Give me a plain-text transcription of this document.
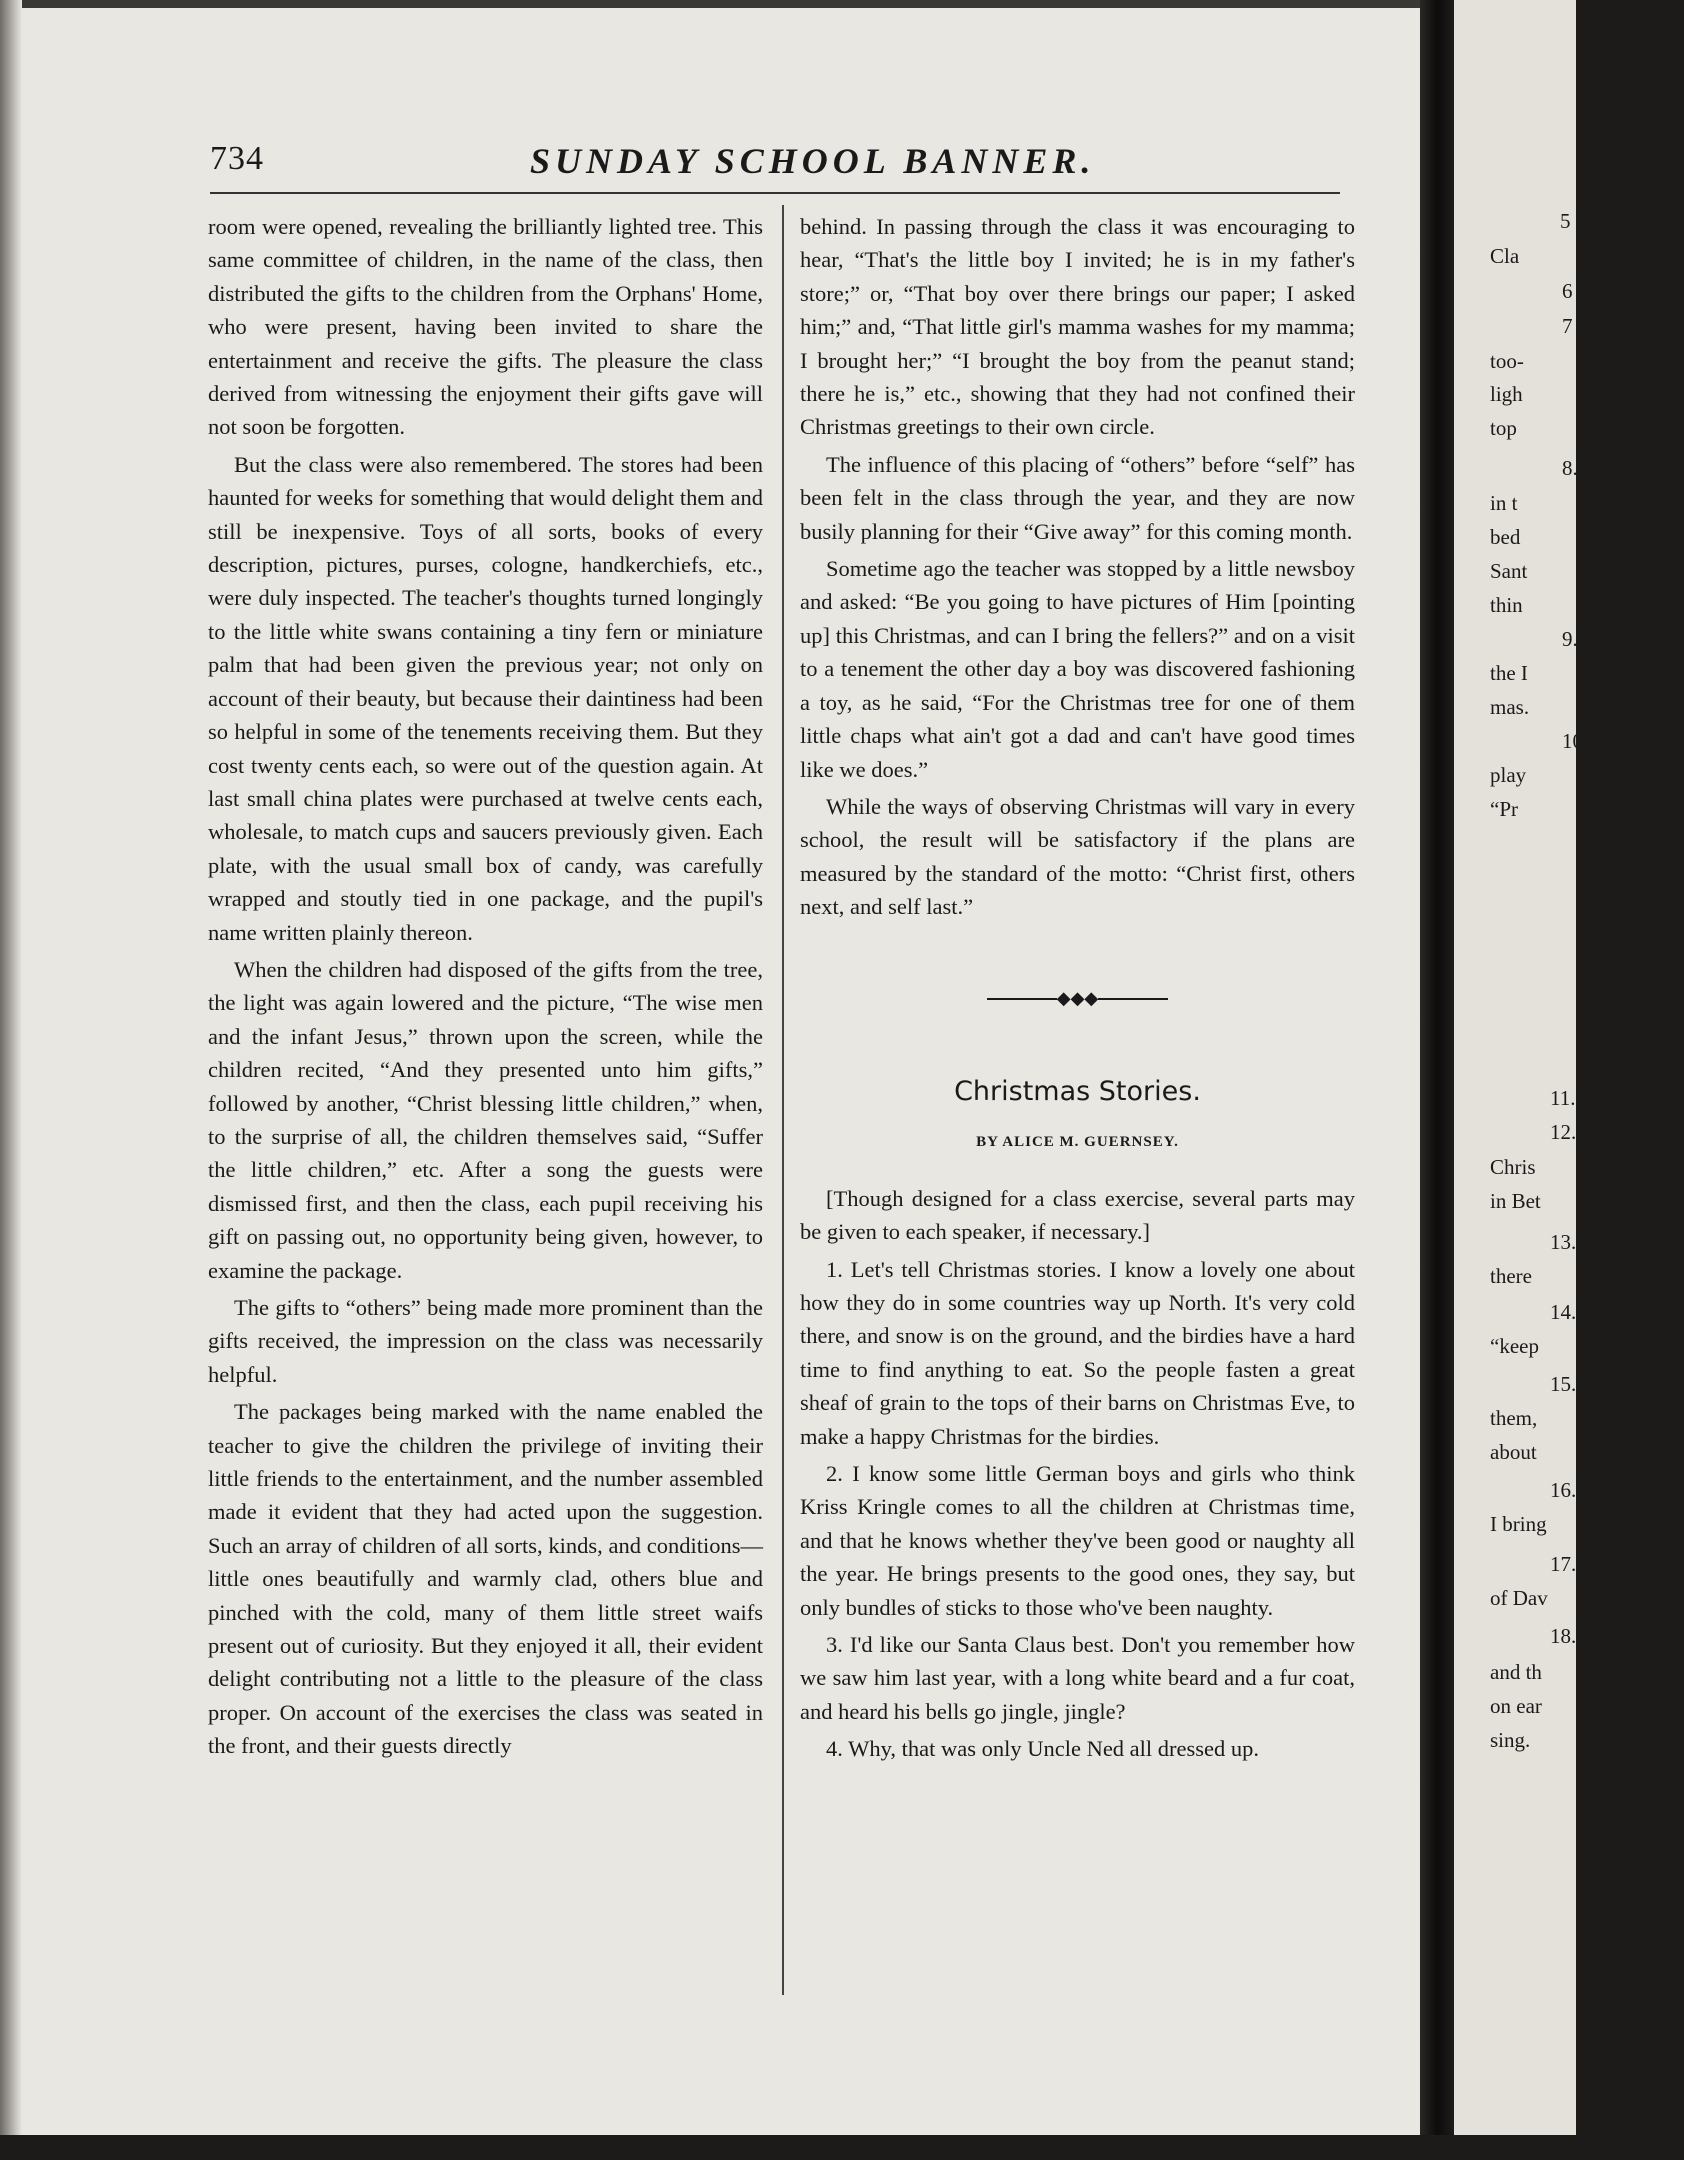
734	SUNDAY SCHOOL BANNER.

room were opened, revealing the brilliantly lighted tree. This same committee of children, in the name of the class, then distributed the gifts to the children from the Orphans' Home, who were present, having been invited to share the entertainment and receive the gifts. The pleasure the class derived from witnessing the enjoyment their gifts gave will not soon be forgotten.

But the class were also remembered. The stores had been haunted for weeks for something that would delight them and still be inexpensive. Toys of all sorts, books of every description, pictures, purses, cologne, handkerchiefs, etc., were duly inspected. The teacher's thoughts turned longingly to the little white swans containing a tiny fern or miniature palm that had been given the previous year; not only on account of their beauty, but because their daintiness had been so helpful in some of the tenements receiving them. But they cost twenty cents each, so were out of the question again. At last small china plates were purchased at twelve cents each, wholesale, to match cups and saucers previously given. Each plate, with the usual small box of candy, was carefully wrapped and stoutly tied in one package, and the pupil's name written plainly thereon.

When the children had disposed of the gifts from the tree, the light was again lowered and the picture, “The wise men and the infant Jesus,” thrown upon the screen, while the children recited, “And they presented unto him gifts,” followed by another, “Christ blessing little children,” when, to the surprise of all, the children themselves said, “Suffer the little children,” etc. After a song the guests were dismissed first, and then the class, each pupil receiving his gift on passing out, no opportunity being given, however, to examine the package.

The gifts to “others” being made more prominent than the gifts received, the impression on the class was necessarily helpful.

The packages being marked with the name enabled the teacher to give the children the privilege of inviting their little friends to the entertainment, and the number assembled made it evident that they had acted upon the suggestion. Such an array of children of all sorts, kinds, and conditions—little ones beautifully and warmly clad, others blue and pinched with the cold, many of them little street waifs present out of curiosity. But they enjoyed it all, their evident delight contributing not a little to the pleasure of the class proper. On account of the exercises the class was seated in the front, and their guests directly

behind. In passing through the class it was encouraging to hear, “That's the little boy I invited; he is in my father's store;” or, “That boy over there brings our paper; I asked him;” and, “That little girl's mamma washes for my mamma; I brought her;” “I brought the boy from the peanut stand; there he is,” etc., showing that they had not confined their Christmas greetings to their own circle.

The influence of this placing of “others” before “self” has been felt in the class through the year, and they are now busily planning for their “Give away” for this coming month.

Sometime ago the teacher was stopped by a little newsboy and asked: “Be you going to have pictures of Him [pointing up] this Christmas, and can I bring the fellers?” and on a visit to a tenement the other day a boy was discovered fashioning a toy, as he said, “For the Christmas tree for one of them little chaps what ain't got a dad and can't have good times like we does.”

While the ways of observing Christmas will vary in every school, the result will be satisfactory if the plans are measured by the standard of the motto: “Christ first, others next, and self last.”

◆◆◆
Christmas Stories.
BY ALICE M. GUERNSEY.

[Though designed for a class exercise, several parts may be given to each speaker, if necessary.]

1. Let's tell Christmas stories. I know a lovely one about how they do in some countries way up North. It's very cold there, and snow is on the ground, and the birdies have a hard time to find anything to eat. So the people fasten a great sheaf of grain to the tops of their barns on Christmas Eve, to make a happy Christmas for the birdies.

2. I know some little German boys and girls who think Kriss Kringle comes to all the children at Christmas time, and that he knows whether they've been good or naughty all the year. He brings presents to the good ones, they say, but only bundles of sticks to those who've been naughty.

3. I'd like our Santa Claus best. Don't you remember how we saw him last year, with a long white beard and a fur coat, and heard his bells go jingle, jingle?

4. Why, that was only Uncle Ned all dressed up.

5
Cla
6
7
too-
ligh
top
8.
in t
bed
Sant
thin
9.
the I
mas.
10
play
“Pr
11.
12.
Chris
in Bet
13.
there
14.
“keep
15.
them,
about
16.
I bring
17.
of Dav
18.
and th
on ear
sing.
